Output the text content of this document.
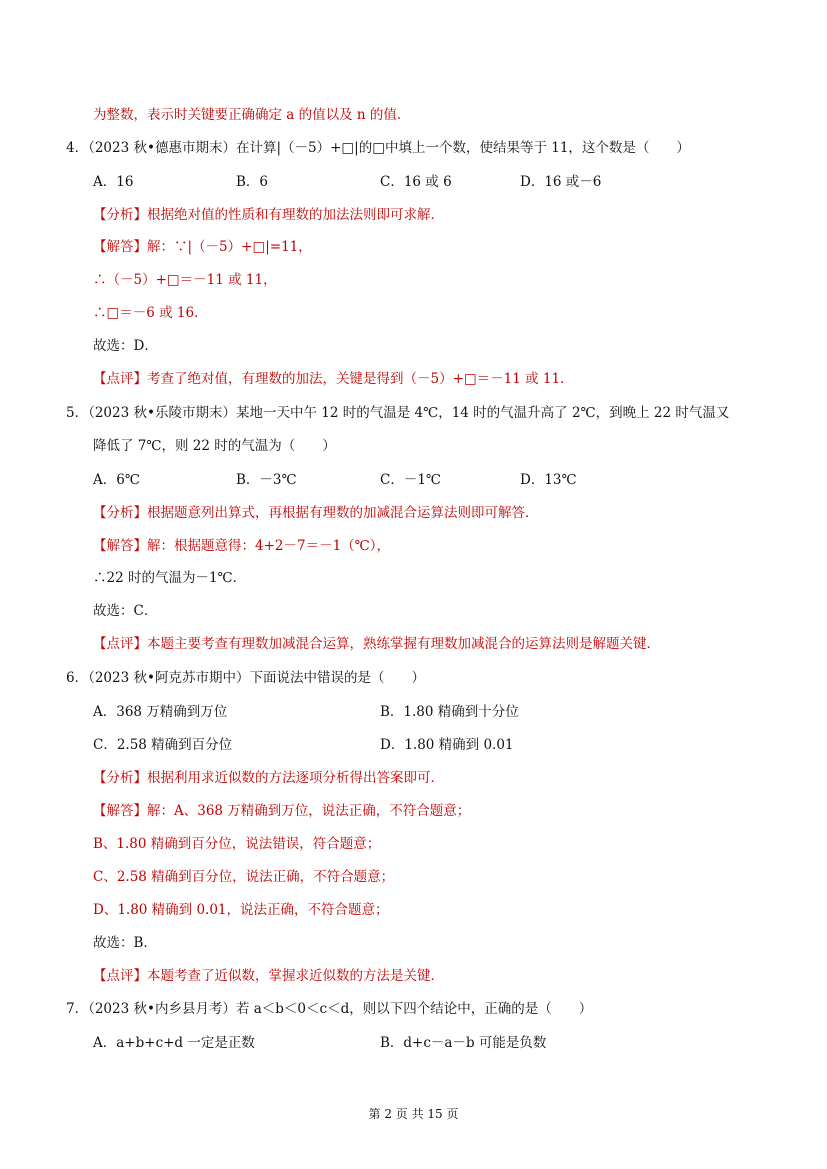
为整数，表示时关键要正确确定 a 的值以及 n 的值．
4．（2023 秋•德惠市期末）在计算|（－5）+□|的□中填上一个数，使结果等于 11，这个数是（　　）
A．16	B．6	C．16 或 6	D．16 或－6
【分析】根据绝对值的性质和有理数的加法法则即可求解．
【解答】解：∵|（－5）+□|=11，
∴（－5）+□＝－11 或 11，
∴□＝－6 或 16．
故选：D．
【点评】考查了绝对值，有理数的加法，关键是得到（－5）+□＝－11 或 11．
5．（2023 秋•乐陵市期末）某地一天中午 12 时的气温是 4℃，14 时的气温升高了 2℃，到晚上 22 时气温又
降低了 7℃，则 22 时的气温为（　　）
A．6℃	B．－3℃	C．－1℃	D．13℃
【分析】根据题意列出算式，再根据有理数的加减混合运算法则即可解答．
【解答】解：根据题意得：4+2－7＝－1（℃），
∴22 时的气温为－1℃．
故选：C．
【点评】本题主要考查有理数加减混合运算，熟练掌握有理数加减混合的运算法则是解题关键．
6．（2023 秋•阿克苏市期中）下面说法中错误的是（　　）
A．368 万精确到万位	B．1.80 精确到十分位
C．2.58 精确到百分位	D．1.80 精确到 0.01
【分析】根据利用求近似数的方法逐项分析得出答案即可．
【解答】解：A、368 万精确到万位，说法正确，不符合题意；
B、1.80 精确到百分位，说法错误，符合题意；
C、2.58 精确到百分位，说法正确，不符合题意；
D、1.80 精确到 0.01，说法正确，不符合题意；
故选：B．
【点评】本题考查了近似数，掌握求近似数的方法是关键．
7．（2023 秋•内乡县月考）若 a＜b＜0＜c＜d，则以下四个结论中，正确的是（　　）
A．a+b+c+d 一定是正数	B．d+c－a－b 可能是负数
第 2 页 共 15 页
